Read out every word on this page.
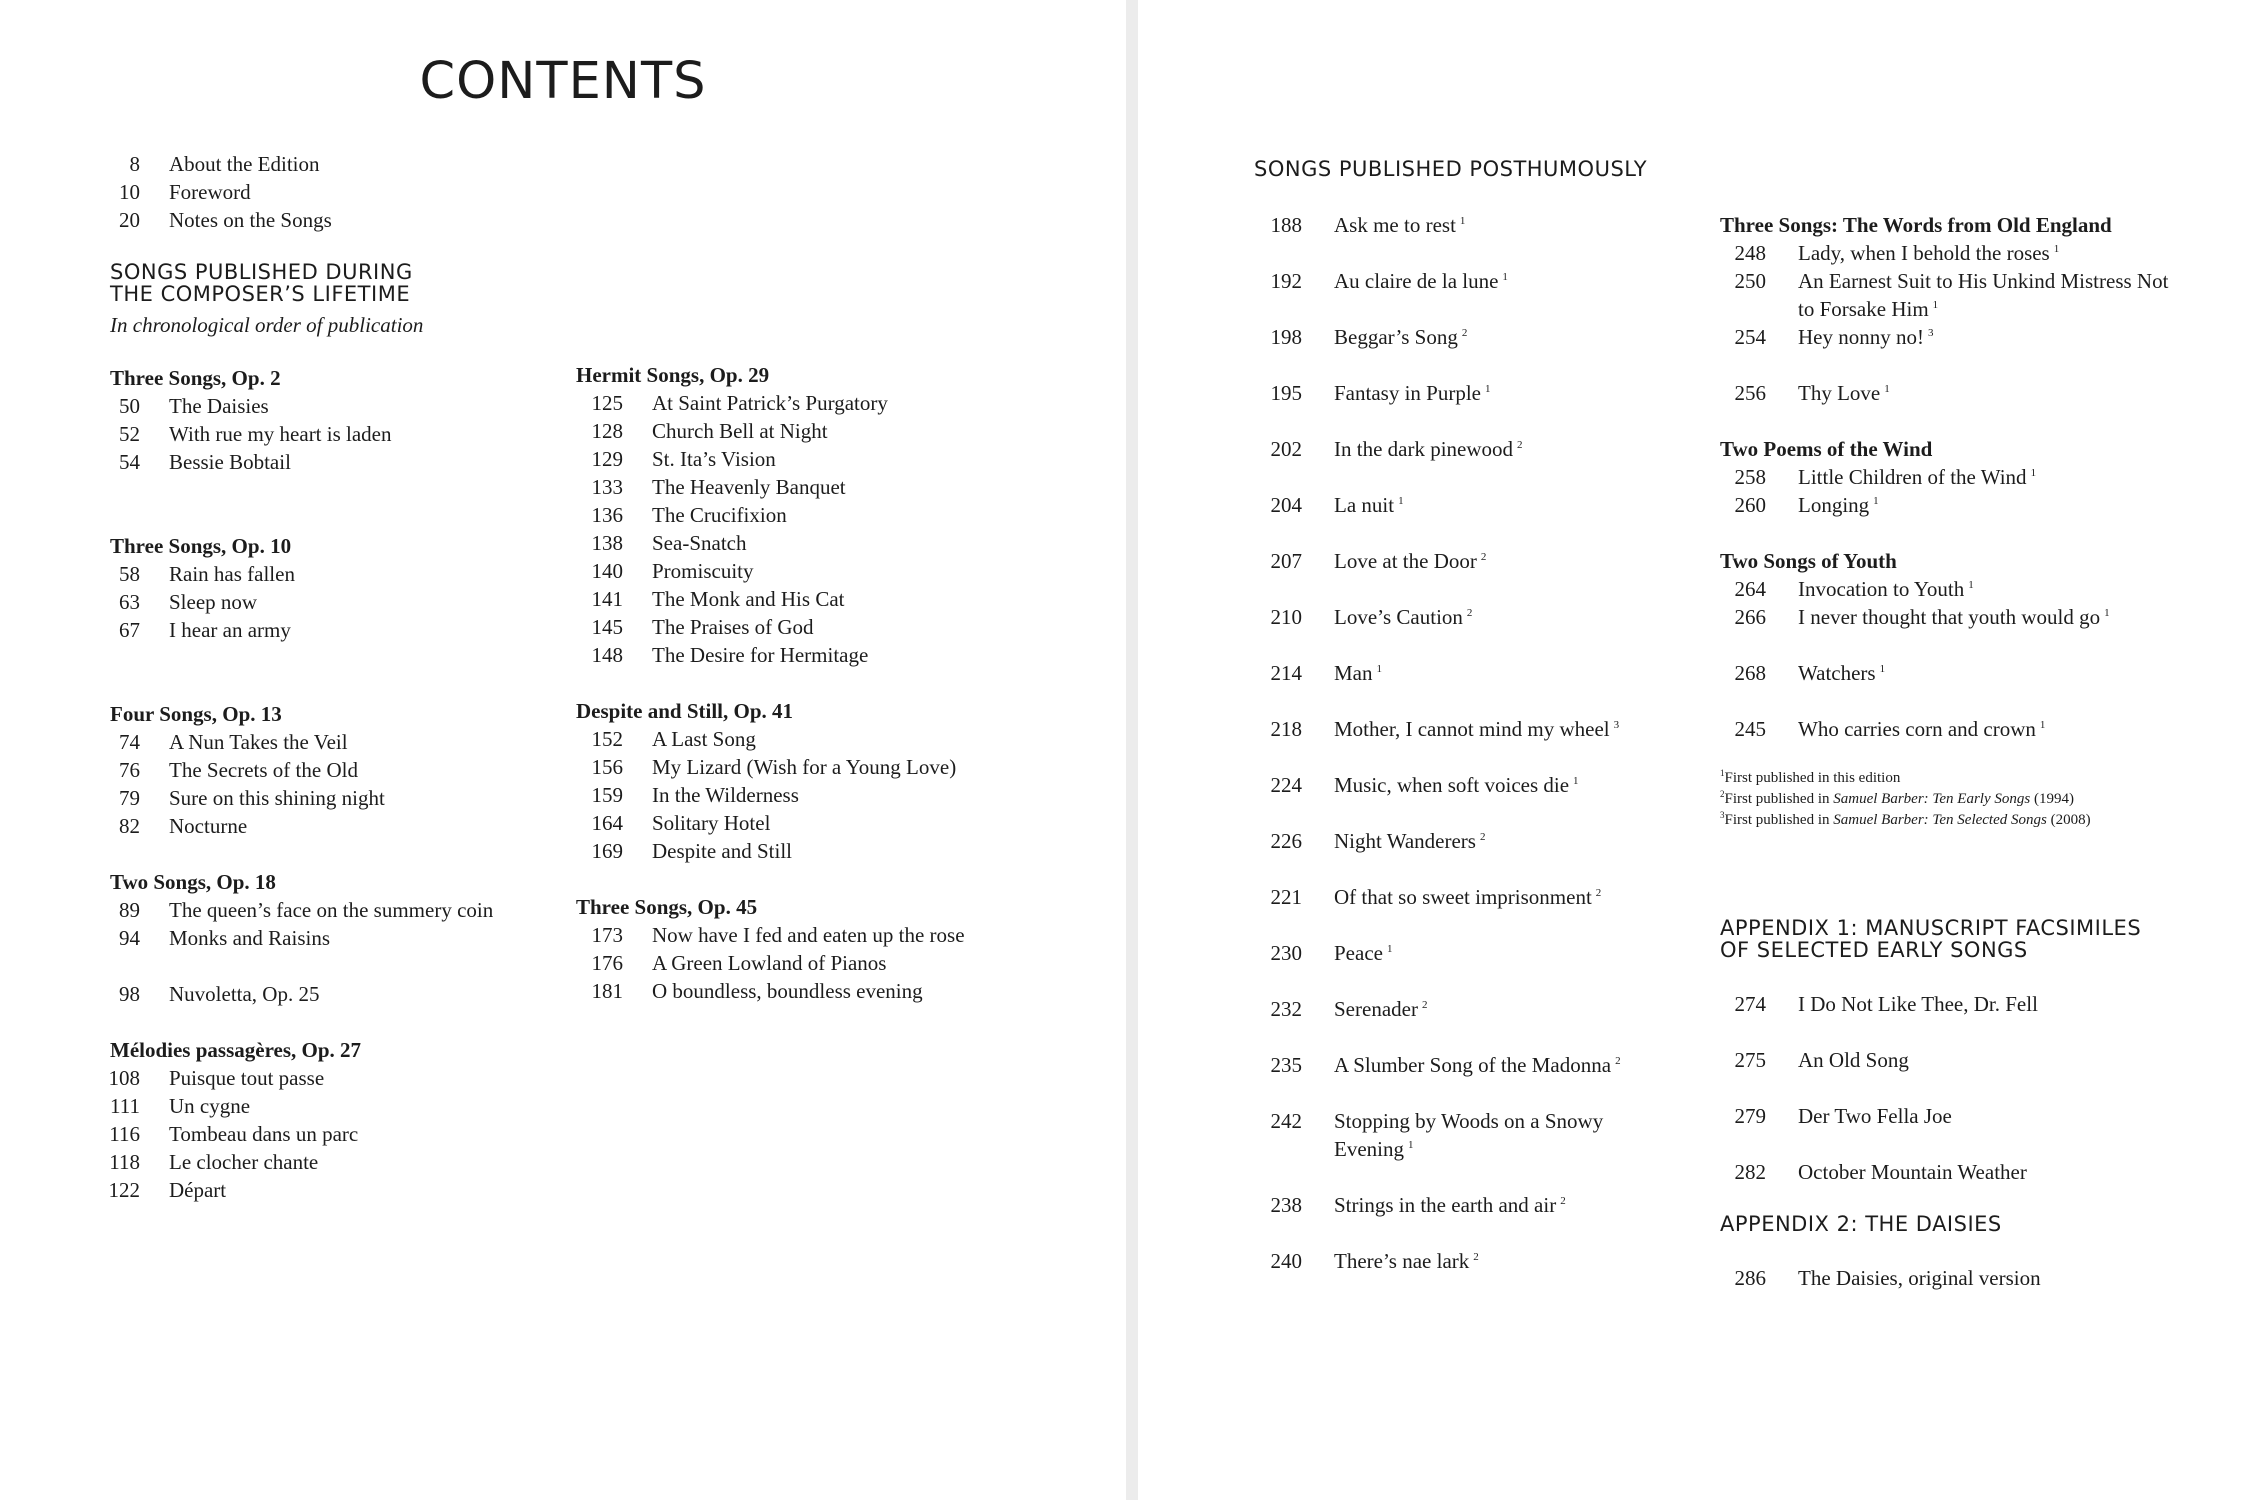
CONTENTS
8 About the Edition
10 Foreword
20 Notes on the Songs
SONGS PUBLISHED DURING
THE COMPOSER’S LIFETIME
In chronological order of publication
Three Songs, Op. 2
50 The Daisies
52 With rue my heart is laden
54 Bessie Bobtail
Three Songs, Op. 10
58 Rain has fallen
63 Sleep now
67 I hear an army
Four Songs, Op. 13
74 A Nun Takes the Veil
76 The Secrets of the Old
79 Sure on this shining night
82 Nocturne
Two Songs, Op. 18
89 The queen’s face on the summery coin
94 Monks and Raisins
98 Nuvoletta, Op. 25
Mélodies passagères, Op. 27
108 Puisque tout passe
111 Un cygne
116 Tombeau dans un parc
118 Le clocher chante
122 Départ
Hermit Songs, Op. 29
125 At Saint Patrick’s Purgatory
128 Church Bell at Night
129 St. Ita’s Vision
133 The Heavenly Banquet
136 The Crucifixion
138 Sea-Snatch
140 Promiscuity
141 The Monk and His Cat
145 The Praises of God
148 The Desire for Hermitage
Despite and Still, Op. 41
152 A Last Song
156 My Lizard (Wish for a Young Love)
159 In the Wilderness
164 Solitary Hotel
169 Despite and Still
Three Songs, Op. 45
173 Now have I fed and eaten up the rose
176 A Green Lowland of Pianos
181 O boundless, boundless evening
SONGS PUBLISHED POSTHUMOUSLY
188 Ask me to rest $^1$
192 Au claire de la lune $^1$
198 Beggar’s Song $^2$
195 Fantasy in Purple $^1$
202 In the dark pinewood $^2$
204 La nuit $^1$
207 Love at the Door $^2$
210 Love’s Caution $^2$
214 Man $^1$
218 Mother, I cannot mind my wheel $^3$
224 Music, when soft voices die $^1$
226 Night Wanderers $^2$
221 Of that so sweet imprisonment $^2$
230 Peace $^1$
232 Serenader $^2$
235 A Slumber Song of the Madonna $^2$
242 Stopping by Woods on a Snowy Evening $^1$
238 Strings in the earth and air $^2$
240 There’s nae lark $^2$
Three Songs: The Words from Old England
248 Lady, when I behold the roses $^1$
250 An Earnest Suit to His Unkind Mistress Not to Forsake Him $^1$
254 Hey nonny no! $^3$
256 Thy Love $^1$
Two Poems of the Wind
258 Little Children of the Wind $^1$
260 Longing $^1$
Two Songs of Youth
264 Invocation to Youth $^1$
266 I never thought that youth would go $^1$
268 Watchers $^1$
245 Who carries corn and crown $^1$
$^1$First published in this edition
$^2$First published in Samuel Barber: Ten Early Songs (1994)
$^3$First published in Samuel Barber: Ten Selected Songs (2008)
APPENDIX 1: MANUSCRIPT FACSIMILES
OF SELECTED EARLY SONGS
274 I Do Not Like Thee, Dr. Fell
275 An Old Song
279 Der Two Fella Joe
282 October Mountain Weather
APPENDIX 2: THE DAISIES
286 The Daisies, original version
